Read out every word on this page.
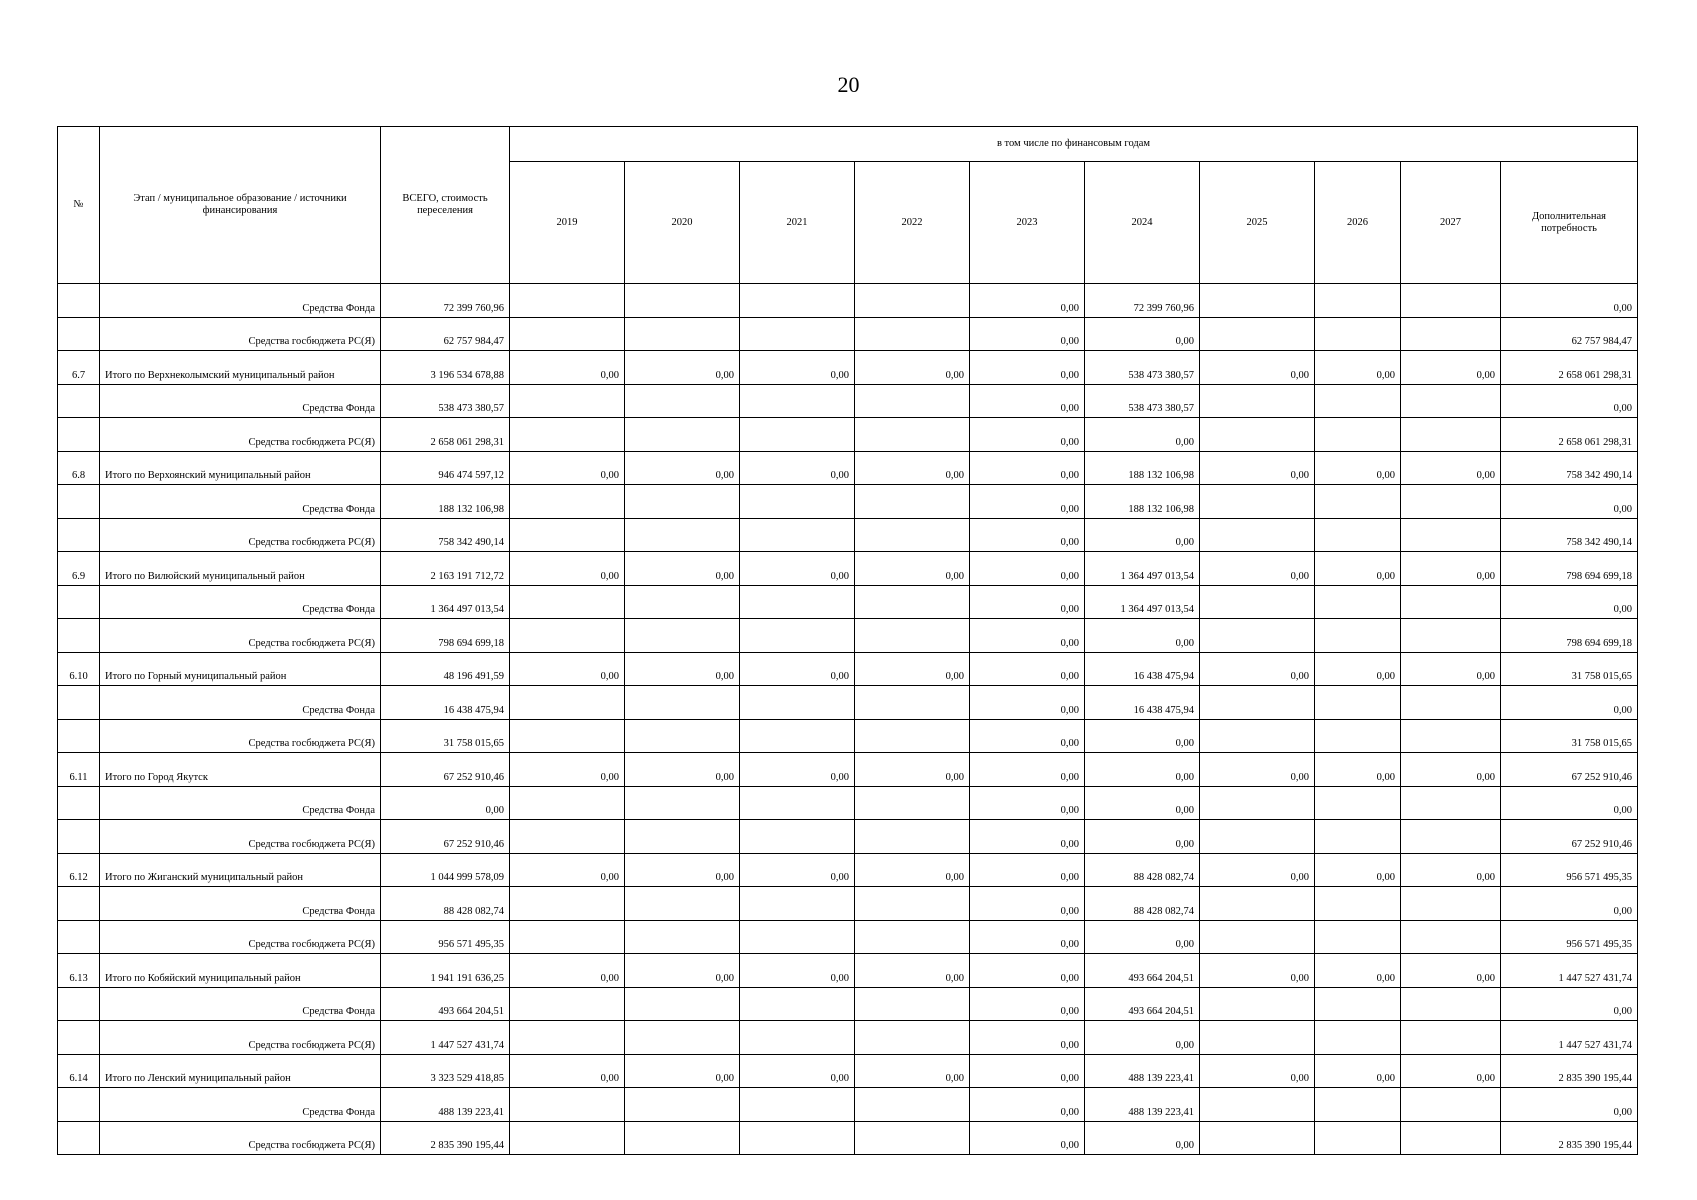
20
№	Этап / муниципальное образование / источники финансирования	ВСЕГО, стоимость переселения	в том числе по финансовым годам									
			2019	2020	2021	2022	2023	2024	2025	2026	2027	Дополнительная потребность
	Средства Фонда	72 399 760,96					0,00	72 399 760,96				0,00
	Средства госбюджета РС(Я)	62 757 984,47					0,00	0,00				62 757 984,47
6.7	Итого по Верхнеколымский муниципальный район	3 196 534 678,88	0,00	0,00	0,00	0,00	0,00	538 473 380,57	0,00	0,00	0,00	2 658 061 298,31
	Средства Фонда	538 473 380,57					0,00	538 473 380,57				0,00
	Средства госбюджета РС(Я)	2 658 061 298,31					0,00	0,00				2 658 061 298,31
6.8	Итого по Верхоянский муниципальный район	946 474 597,12	0,00	0,00	0,00	0,00	0,00	188 132 106,98	0,00	0,00	0,00	758 342 490,14
	Средства Фонда	188 132 106,98					0,00	188 132 106,98				0,00
	Средства госбюджета РС(Я)	758 342 490,14					0,00	0,00				758 342 490,14
6.9	Итого по Вилюйский муниципальный район	2 163 191 712,72	0,00	0,00	0,00	0,00	0,00	1 364 497 013,54	0,00	0,00	0,00	798 694 699,18
	Средства Фонда	1 364 497 013,54					0,00	1 364 497 013,54				0,00
	Средства госбюджета РС(Я)	798 694 699,18					0,00	0,00				798 694 699,18
6.10	Итого по Горный муниципальный район	48 196 491,59	0,00	0,00	0,00	0,00	0,00	16 438 475,94	0,00	0,00	0,00	31 758 015,65
	Средства Фонда	16 438 475,94					0,00	16 438 475,94				0,00
	Средства госбюджета РС(Я)	31 758 015,65					0,00	0,00				31 758 015,65
6.11	Итого по Город Якутск	67 252 910,46	0,00	0,00	0,00	0,00	0,00	0,00	0,00	0,00	0,00	67 252 910,46
	Средства Фонда	0,00					0,00	0,00				0,00
	Средства госбюджета РС(Я)	67 252 910,46					0,00	0,00				67 252 910,46
6.12	Итого по Жиганский муниципальный район	1 044 999 578,09	0,00	0,00	0,00	0,00	0,00	88 428 082,74	0,00	0,00	0,00	956 571 495,35
	Средства Фонда	88 428 082,74					0,00	88 428 082,74				0,00
	Средства госбюджета РС(Я)	956 571 495,35					0,00	0,00				956 571 495,35
6.13	Итого по Кобяйский муниципальный район	1 941 191 636,25	0,00	0,00	0,00	0,00	0,00	493 664 204,51	0,00	0,00	0,00	1 447 527 431,74
	Средства Фонда	493 664 204,51					0,00	493 664 204,51				0,00
	Средства госбюджета РС(Я)	1 447 527 431,74					0,00	0,00				1 447 527 431,74
6.14	Итого по Ленский муниципальный район	3 323 529 418,85	0,00	0,00	0,00	0,00	0,00	488 139 223,41	0,00	0,00	0,00	2 835 390 195,44
	Средства Фонда	488 139 223,41					0,00	488 139 223,41				0,00
	Средства госбюджета РС(Я)	2 835 390 195,44					0,00	0,00				2 835 390 195,44
